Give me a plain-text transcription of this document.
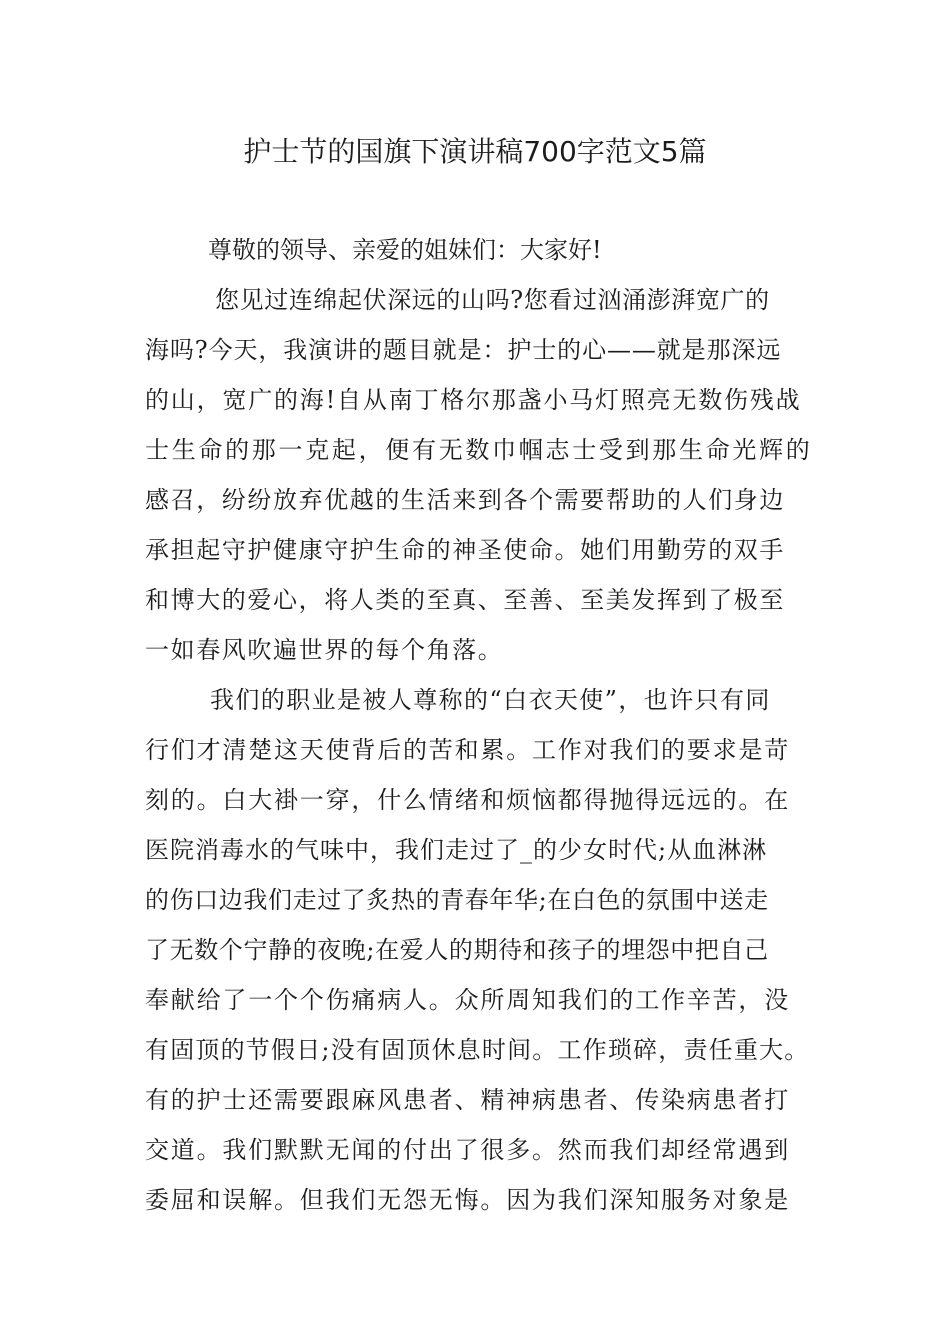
护士节的国旗下演讲稿700字范文5篇
尊敬的领导、亲爱的姐妹们：大家好!
您见过连绵起伏深远的山吗?您看过汹涌澎湃宽广的
海吗?今天，我演讲的题目就是：护士的心——就是那深远
的山，宽广的海!自从南丁格尔那盏小马灯照亮无数伤残战
士生命的那一克起，便有无数巾帼志士受到那生命光辉的
感召，纷纷放弃优越的生活来到各个需要帮助的人们身边
承担起守护健康守护生命的神圣使命。她们用勤劳的双手
和博大的爱心，将人类的至真、至善、至美发挥到了极至
一如春风吹遍世界的每个角落。
我们的职业是被人尊称的“白衣天使”，也许只有同
行们才清楚这天使背后的苦和累。工作对我们的要求是苛
刻的。白大褂一穿，什么情绪和烦恼都得抛得远远的。在
医院消毒水的气味中，我们走过了_的少女时代;从血淋淋
的伤口边我们走过了炙热的青春年华;在白色的氛围中送走
了无数个宁静的夜晚;在爱人的期待和孩子的埋怨中把自己
奉献给了一个个伤痛病人。众所周知我们的工作辛苦，没
有固顶的节假日;没有固顶休息时间。工作琐碎，责任重大。
有的护士还需要跟麻风患者、精神病患者、传染病患者打
交道。我们默默无闻的付出了很多。然而我们却经常遇到
委屈和误解。但我们无怨无悔。因为我们深知服务对象是
